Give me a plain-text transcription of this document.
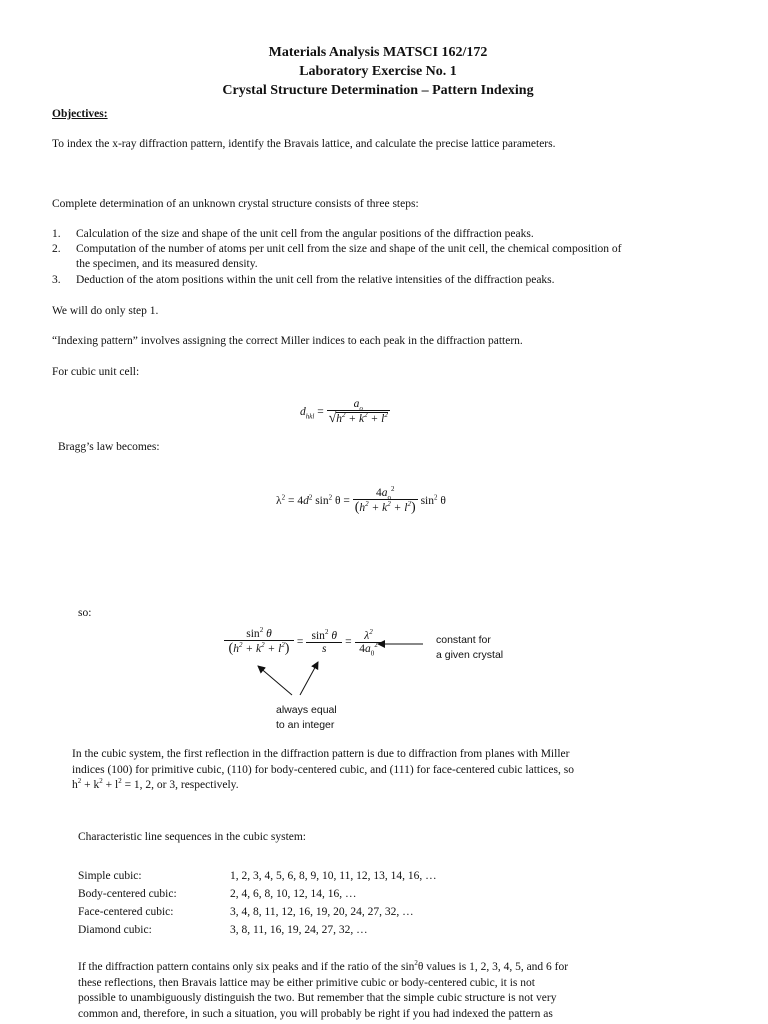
Materials Analysis MATSCI 162/172
Laboratory Exercise No. 1
Crystal Structure Determination – Pattern Indexing
Objectives:
To index the x-ray diffraction pattern, identify the Bravais lattice, and calculate the precise lattice parameters.
Complete determination of an unknown crystal structure consists of three steps:
1. Calculation of the size and shape of the unit cell from the angular positions of the diffraction peaks.
2. Computation of the number of atoms per unit cell from the size and shape of the unit cell, the chemical composition of
the specimen, and its measured density.
3. Deduction of the atom positions within the unit cell from the relative intensities of the diffraction peaks.
We will do only step 1.
“Indexing pattern” involves assigning the correct Miller indices to each peak in the diffraction pattern.
For cubic unit cell:
$d_{hkl} = \frac{a_o}{√h^2 + k^2 + l^2}$
Bragg’s law becomes:
$\lambda^2 = 4d^2$ $\sin^2 \theta = \frac{4a_o^2}{(h^2 + k^2 + l^2)} \sin^2 \theta$
so:
$\frac{\sin^2 \theta}{(h^2 + k^2 + l^2)} = \frac{\sin^2 \theta}{s} = \frac{\lambda^2}{4a_0^2}$	constant for
a given crystal
always equal
to an integer
In the cubic system, the first reflection in the diffraction pattern is due to diffraction from planes with Miller
indices (100) for primitive cubic, (110) for body-centered cubic, and (111) for face-centered cubic lattices, so
$h^2 + k^2 + l^2 = 1$, 2, or 3, respectively.
Characteristic line sequences in the cubic system:
Simple cubic:	1, 2, 3, 4, 5, 6, 8, 9, 10, 11, 12, 13, 14, 16, …
Body-centered cubic:	2, 4, 6, 8, 10, 12, 14, 16, …
Face-centered cubic:	3, 4, 8, 11, 12, 16, 19, 20, 24, 27, 32, …
Diamond cubic:	3, 8, 11, 16, 19, 24, 27, 32, …
If the diffraction pattern contains only six peaks and if the ratio of the $\sin^2\theta$ values is 1, 2, 3, 4, 5, and 6 for
these reflections, then Bravais lattice may be either primitive cubic or body-centered cubic, it is not
possible to unambiguously distinguish the two. But remember that the simple cubic structure is not very
common and, therefore, in such a situation, you will probably be right if you had indexed the pattern as
